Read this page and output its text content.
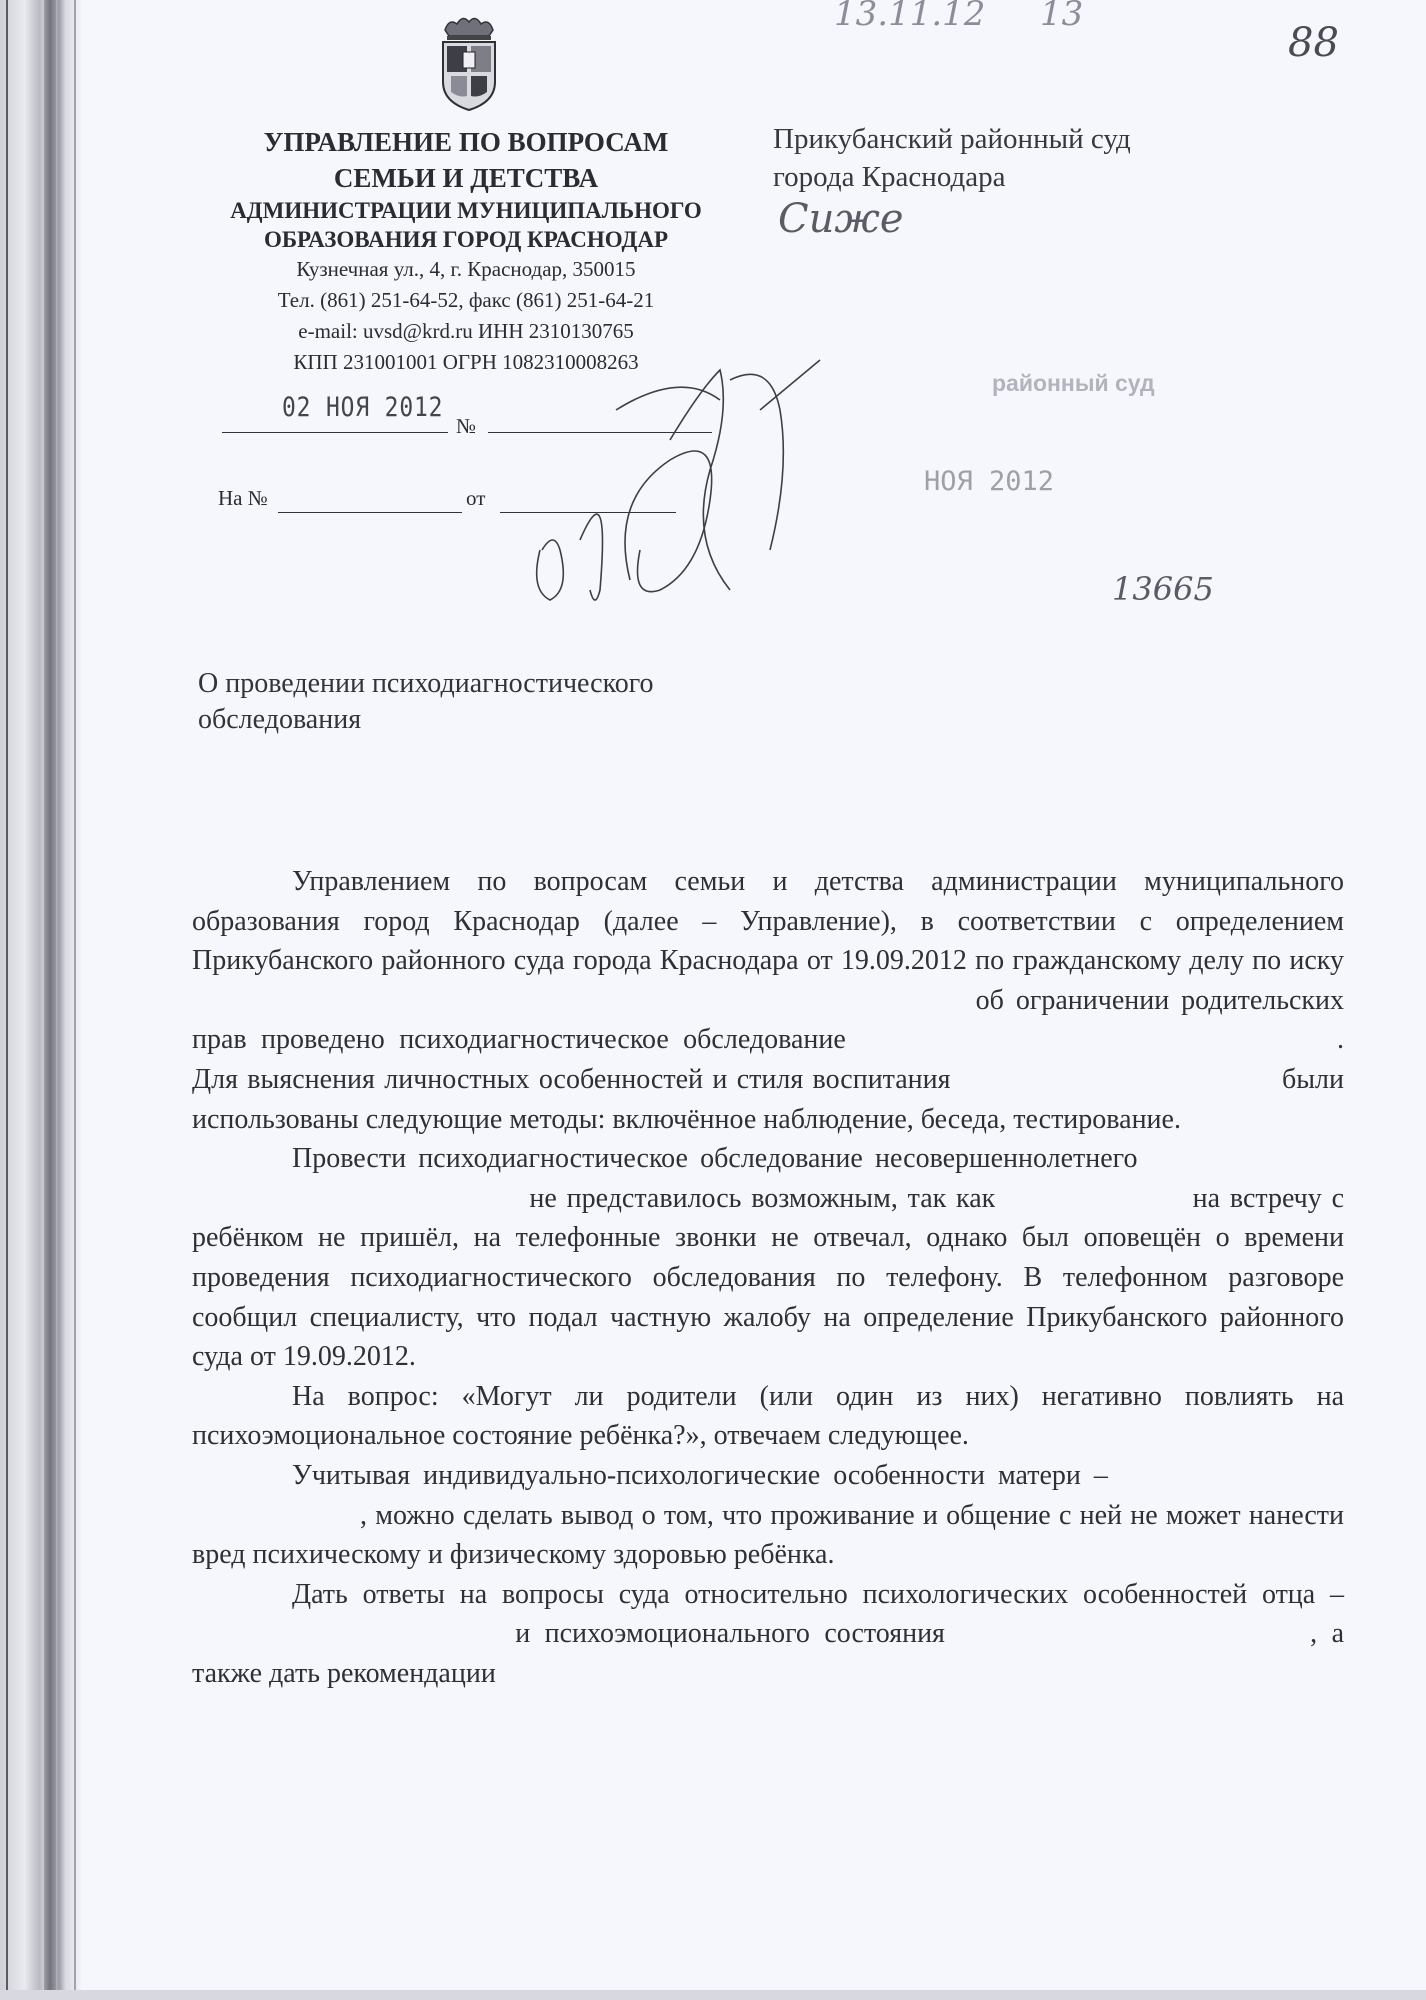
13.11.12 13
88
УПРАВЛЕНИЕ ПО ВОПРОСАМ
СЕМЬИ И ДЕТСТВА
АДМИНИСТРАЦИИ МУНИЦИПАЛЬНОГО
ОБРАЗОВАНИЯ ГОРОД КРАСНОДАР
Кузнечная ул., 4, г. Краснодар, 350015
Тел. (861) 251-64-52, факс (861) 251-64-21
e-mail: uvsd@krd.ru ИНН 2310130765
КПП 231001001 ОГРН 1082310008263
02 НОЯ 2012
№
На №	от
Прикубанский районный суд
города Краснодара
Сиже
районный суд
НОЯ 2012
13665
О проведении психодиагностического
обследования

Управлением по вопросам семьи и детства администрации муниципального образования город Краснодар (далее – Управление), в соответствии с определением Прикубанского районного суда города Краснодара от 19.09.2012 по гражданскому делу по искуоб ограничении родительских прав проведено психодиагностическое обследование	. Для выяснения личностных особенностей и стиля воспитания	были использованы следующие методы: включённое наблюдение, беседа, тестирование.

Провести психодиагностическое обследование несовершеннолетнегоне представилось возможным, так как	на встречу с ребёнком не пришёл, на телефонные звонки не отвечал, однако был оповещён о времени проведения психодиагностического обследования по телефону. В телефонном разговоре сообщил специалисту, что подал частную жалобу на определение Прикубанского районного суда от 19.09.2012.

На вопрос: «Могут ли родители (или один из них) негативно повлиять на психоэмоциональное состояние ребёнка?», отвечаем следующее.

Учитывая индивидуально-психологические особенности матери –, можно сделать вывод о том, что проживание и общение с ней не может нанести вред психическому и физическому здоровью ребёнка.

Дать ответы на вопросы суда относительно психологических особенностей отца –и психоэмоционального состояния	, а также дать рекомендации
